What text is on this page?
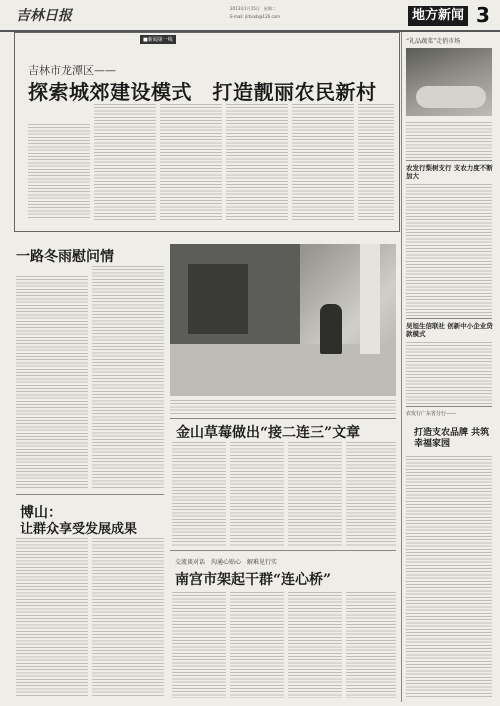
吉林日报	2013年1月15日　星期二
E-mail: jlrbsxb@126.com	地方新闻 3
■新闻第一线
吉林市龙潭区——
探索城郊建设模式　打造靓丽农民新村
一路冬雨慰问情
金山草莓做出“接二连三”文章
博山：
让群众享受发展成果
交流谈对话　沟通心贴心　解难见行实
南宫市架起干群“连心桥”
“礼品蔬菜”走俏市场
农发行梨树支行 支农力度不断加大
吴旭生信联社 创新中小企业贷款模式
农发行广东省分行——
打造支农品牌 共筑幸福家园
